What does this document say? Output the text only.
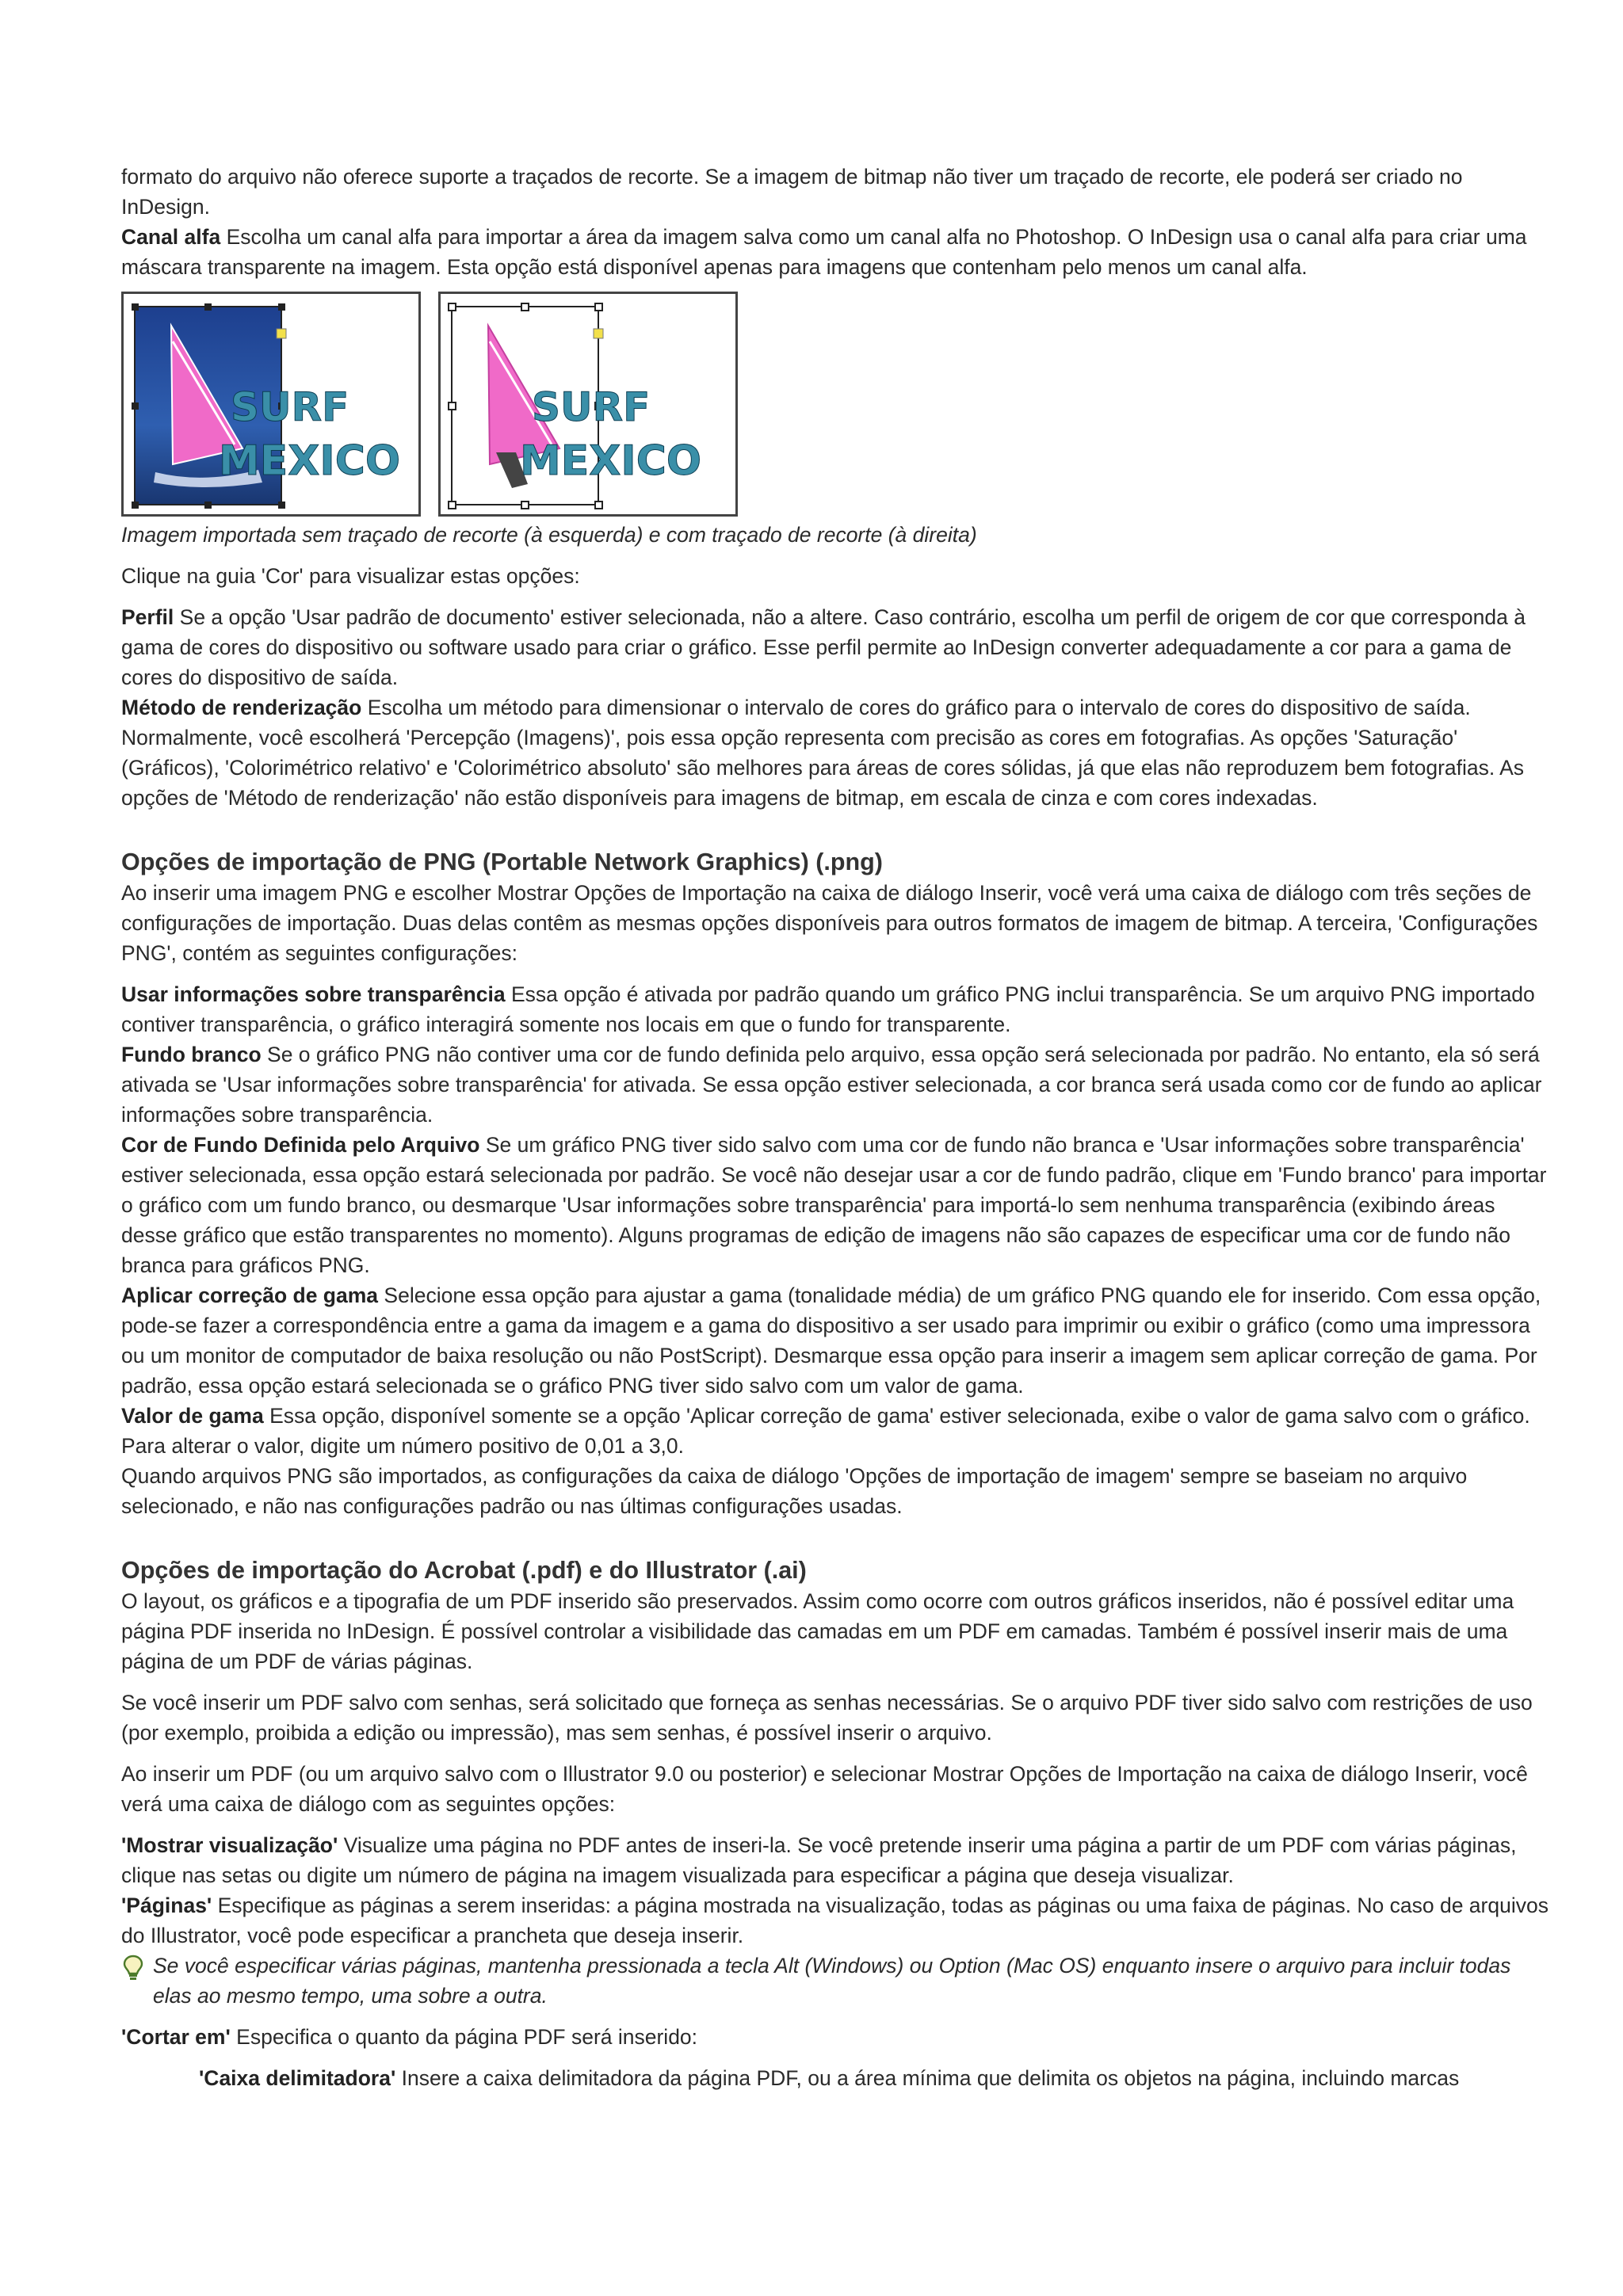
formato do arquivo não oferece suporte a traçados de recorte. Se a imagem de bitmap não tiver um traçado de recorte, ele poderá ser criado no InDesign.

Canal alfa Escolha um canal alfa para importar a área da imagem salva como um canal alfa no Photoshop. O InDesign usa o canal alfa para criar uma máscara transparente na imagem. Esta opção está disponível apenas para imagens que contenham pelo menos um canal alfa.

SURF
MEXICO
SURF
MEXICO

Imagem importada sem traçado de recorte (à esquerda) e com traçado de recorte (à direita)

Clique na guia 'Cor' para visualizar estas opções:

Perfil Se a opção 'Usar padrão de documento' estiver selecionada, não a altere. Caso contrário, escolha um perfil de origem de cor que corresponda à gama de cores do dispositivo ou software usado para criar o gráfico. Esse perfil permite ao InDesign converter adequadamente a cor para a gama de cores do dispositivo de saída.

Método de renderização Escolha um método para dimensionar o intervalo de cores do gráfico para o intervalo de cores do dispositivo de saída. Normalmente, você escolherá 'Percepção (Imagens)', pois essa opção representa com precisão as cores em fotografias. As opções 'Saturação' (Gráficos), 'Colorimétrico relativo' e 'Colorimétrico absoluto' são melhores para áreas de cores sólidas, já que elas não reproduzem bem fotografias. As opções de 'Método de renderização' não estão disponíveis para imagens de bitmap, em escala de cinza e com cores indexadas.

Opções de importação de PNG (Portable Network Graphics) (.png)

Ao inserir uma imagem PNG e escolher Mostrar Opções de Importação na caixa de diálogo Inserir, você verá uma caixa de diálogo com três seções de configurações de importação. Duas delas contêm as mesmas opções disponíveis para outros formatos de imagem de bitmap. A terceira, 'Configurações PNG', contém as seguintes configurações:

Usar informações sobre transparência Essa opção é ativada por padrão quando um gráfico PNG inclui transparência. Se um arquivo PNG importado contiver transparência, o gráfico interagirá somente nos locais em que o fundo for transparente.

Fundo branco Se o gráfico PNG não contiver uma cor de fundo definida pelo arquivo, essa opção será selecionada por padrão. No entanto, ela só será ativada se 'Usar informações sobre transparência' for ativada. Se essa opção estiver selecionada, a cor branca será usada como cor de fundo ao aplicar informações sobre transparência.

Cor de Fundo Definida pelo Arquivo Se um gráfico PNG tiver sido salvo com uma cor de fundo não branca e 'Usar informações sobre transparência' estiver selecionada, essa opção estará selecionada por padrão. Se você não desejar usar a cor de fundo padrão, clique em 'Fundo branco' para importar o gráfico com um fundo branco, ou desmarque 'Usar informações sobre transparência' para importá-lo sem nenhuma transparência (exibindo áreas desse gráfico que estão transparentes no momento). Alguns programas de edição de imagens não são capazes de especificar uma cor de fundo não branca para gráficos PNG.

Aplicar correção de gama Selecione essa opção para ajustar a gama (tonalidade média) de um gráfico PNG quando ele for inserido. Com essa opção, pode-se fazer a correspondência entre a gama da imagem e a gama do dispositivo a ser usado para imprimir ou exibir o gráfico (como uma impressora ou um monitor de computador de baixa resolução ou não PostScript). Desmarque essa opção para inserir a imagem sem aplicar correção de gama. Por padrão, essa opção estará selecionada se o gráfico PNG tiver sido salvo com um valor de gama.

Valor de gama Essa opção, disponível somente se a opção 'Aplicar correção de gama' estiver selecionada, exibe o valor de gama salvo com o gráfico. Para alterar o valor, digite um número positivo de 0,01 a 3,0.

Quando arquivos PNG são importados, as configurações da caixa de diálogo 'Opções de importação de imagem' sempre se baseiam no arquivo selecionado, e não nas configurações padrão ou nas últimas configurações usadas.

Opções de importação do Acrobat (.pdf) e do Illustrator (.ai)

O layout, os gráficos e a tipografia de um PDF inserido são preservados. Assim como ocorre com outros gráficos inseridos, não é possível editar uma página PDF inserida no InDesign. É possível controlar a visibilidade das camadas em um PDF em camadas. Também é possível inserir mais de uma página de um PDF de várias páginas.

Se você inserir um PDF salvo com senhas, será solicitado que forneça as senhas necessárias. Se o arquivo PDF tiver sido salvo com restrições de uso (por exemplo, proibida a edição ou impressão), mas sem senhas, é possível inserir o arquivo.

Ao inserir um PDF (ou um arquivo salvo com o Illustrator 9.0 ou posterior) e selecionar Mostrar Opções de Importação na caixa de diálogo Inserir, você verá uma caixa de diálogo com as seguintes opções:

'Mostrar visualização' Visualize uma página no PDF antes de inseri-la. Se você pretende inserir uma página a partir de um PDF com várias páginas, clique nas setas ou digite um número de página na imagem visualizada para especificar a página que deseja visualizar.

'Páginas' Especifique as páginas a serem inseridas: a página mostrada na visualização, todas as páginas ou uma faixa de páginas. No caso de arquivos do Illustrator, você pode especificar a prancheta que deseja inserir.

Se você especificar várias páginas, mantenha pressionada a tecla Alt (Windows) ou Option (Mac OS) enquanto insere o arquivo para incluir todas elas ao mesmo tempo, uma sobre a outra.

'Cortar em' Especifica o quanto da página PDF será inserido:

'Caixa delimitadora' Insere a caixa delimitadora da página PDF, ou a área mínima que delimita os objetos na página, incluindo marcas
